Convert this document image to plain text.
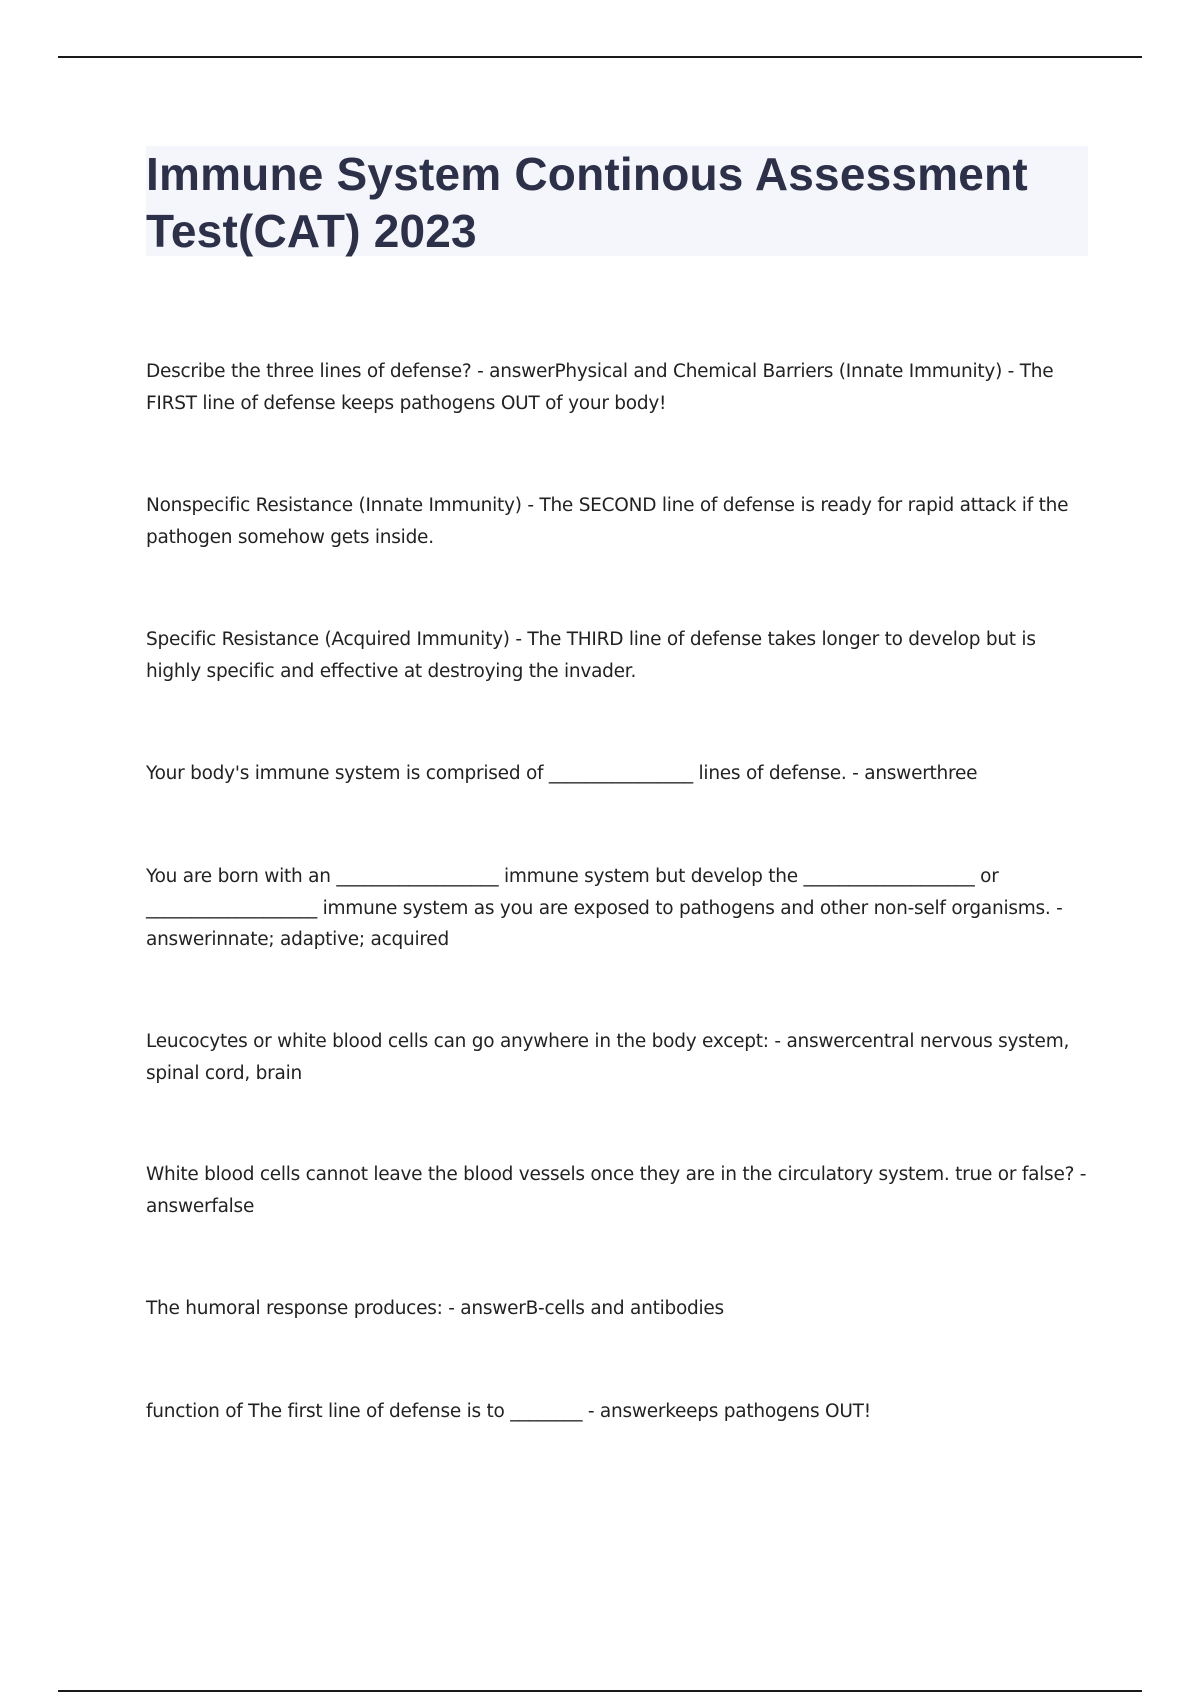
Immune System Continous Assessment Test(CAT) 2023

Describe the three lines of defense? - answerPhysical and Chemical Barriers (Innate Immunity) - The FIRST line of defense keeps pathogens OUT of your body!

Nonspecific Resistance (Innate Immunity) - The SECOND line of defense is ready for rapid attack if the pathogen somehow gets inside.

Specific Resistance (Acquired Immunity) - The THIRD line of defense takes longer to develop but is highly specific and effective at destroying the invader.

Your body's immune system is comprised of ________________ lines of defense. - answerthree

You are born with an __________________ immune system but develop the ___________________ or ___________________ immune system as you are exposed to pathogens and other non-self organisms. - answerinnate; adaptive; acquired

Leucocytes or white blood cells can go anywhere in the body except: - answercentral nervous system, spinal cord, brain

White blood cells cannot leave the blood vessels once they are in the circulatory system. true or false? - answerfalse

The humoral response produces: - answerB-cells and antibodies

function of The first line of defense is to ________ - answerkeeps pathogens OUT!
